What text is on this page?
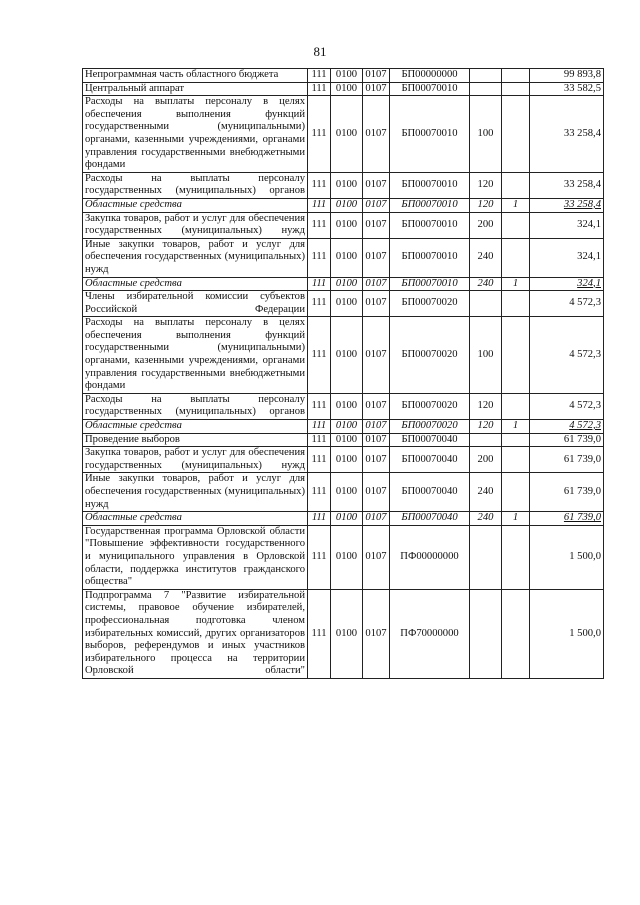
81
Непрограммная часть областного бюджета	111	0100	0107	БП00000000			99 893,8
Центральный аппарат	111	0100	0107	БП00070010			33 582,5
Расходы на выплаты персоналу в целях обеспечения выполнения функций государственными (муниципальными) органами, казенными учреждениями, органами управления государственными внебюджетными фондами	111	0100	0107	БП00070010	100		33 258,4
Расходы на выплаты персоналу государственных (муниципальных) органов	111	0100	0107	БП00070010	120		33 258,4
Областные средства	111	0100	0107	БП00070010	120	1	33 258,4
Закупка товаров, работ и услуг для обеспечения государственных (муниципальных) нужд	111	0100	0107	БП00070010	200		324,1
Иные закупки товаров, работ и услуг для обеспечения государственных (муниципальных) нужд	111	0100	0107	БП00070010	240		324,1
Областные средства	111	0100	0107	БП00070010	240	1	324,1
Члены избирательной комиссии субъектов Российской Федерации	111	0100	0107	БП00070020			4 572,3
Расходы на выплаты персоналу в целях обеспечения выполнения функций государственными (муниципальными) органами, казенными учреждениями, органами управления государственными внебюджетными фондами	111	0100	0107	БП00070020	100		4 572,3
Расходы на выплаты персоналу государственных (муниципальных) органов	111	0100	0107	БП00070020	120		4 572,3
Областные средства	111	0100	0107	БП00070020	120	1	4 572,3
Проведение выборов	111	0100	0107	БП00070040			61 739,0
Закупка товаров, работ и услуг для обеспечения государственных (муниципальных) нужд	111	0100	0107	БП00070040	200		61 739,0
Иные закупки товаров, работ и услуг для обеспечения государственных (муниципальных) нужд	111	0100	0107	БП00070040	240		61 739,0
Областные средства	111	0100	0107	БП00070040	240	1	61 739,0
Государственная программа Орловской области "Повышение эффективности государственного и муниципального управления в Орловской области, поддержка институтов гражданского общества"	111	0100	0107	ПФ00000000			1 500,0
Подпрограмма 7 "Развитие избирательной системы, правовое обучение избирателей, профессиональная подготовка членом избирательных комиссий, других организаторов выборов, референдумов и иных участников избирательного процесса на территории Орловской области"	111	0100	0107	ПФ70000000			1 500,0
